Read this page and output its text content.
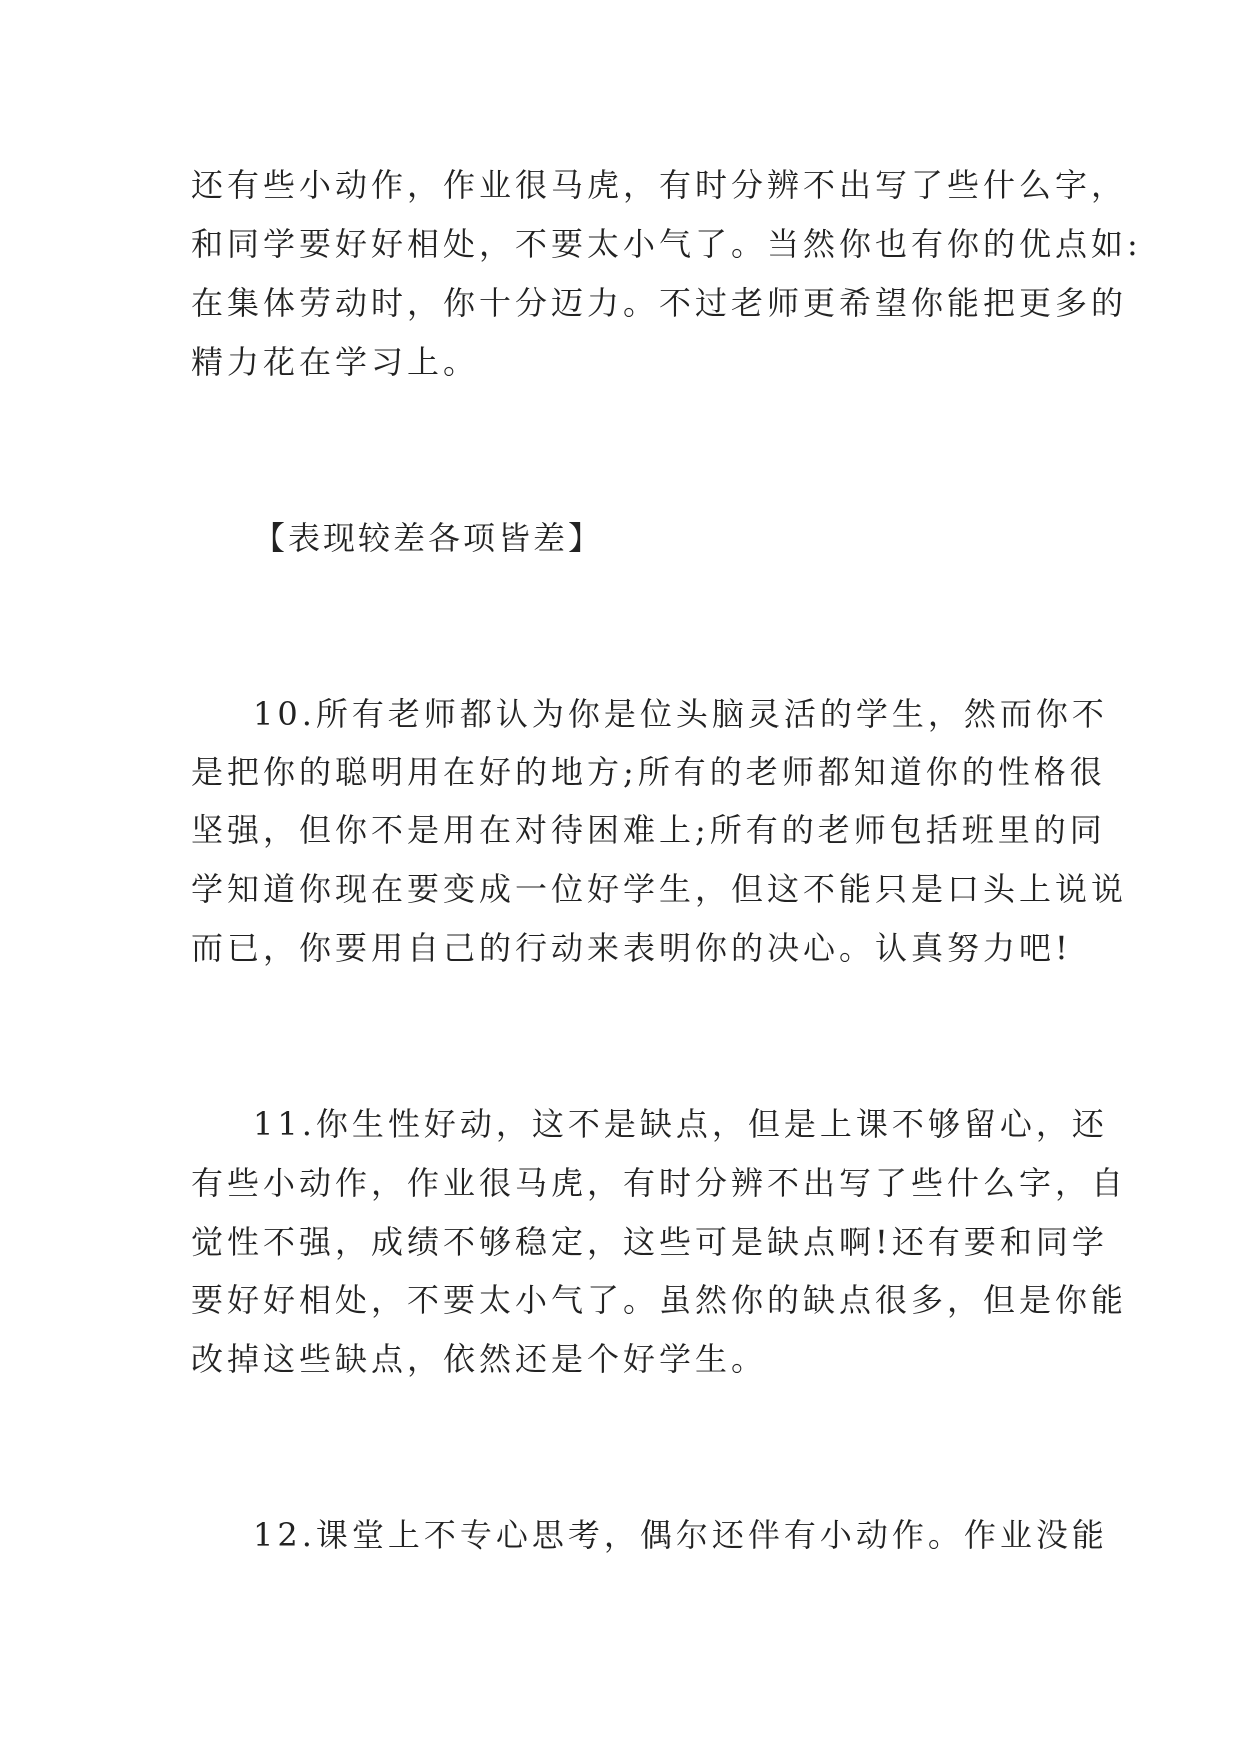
还有些小动作，作业很马虎，有时分辨不出写了些什么字，
和同学要好好相处，不要太小气了。当然你也有你的优点如:
在集体劳动时，你十分迈力。不过老师更希望你能把更多的
精力花在学习上。
【表现较差各项皆差】
10.所有老师都认为你是位头脑灵活的学生，然而你不
是把你的聪明用在好的地方;所有的老师都知道你的性格很
坚强，但你不是用在对待困难上;所有的老师包括班里的同
学知道你现在要变成一位好学生，但这不能只是口头上说说
而已，你要用自己的行动来表明你的决心。认真努力吧!
11.你生性好动，这不是缺点，但是上课不够留心，还
有些小动作，作业很马虎，有时分辨不出写了些什么字，自
觉性不强，成绩不够稳定，这些可是缺点啊!还有要和同学
要好好相处，不要太小气了。虽然你的缺点很多，但是你能
改掉这些缺点，依然还是个好学生。
12.课堂上不专心思考，偶尔还伴有小动作。作业没能
